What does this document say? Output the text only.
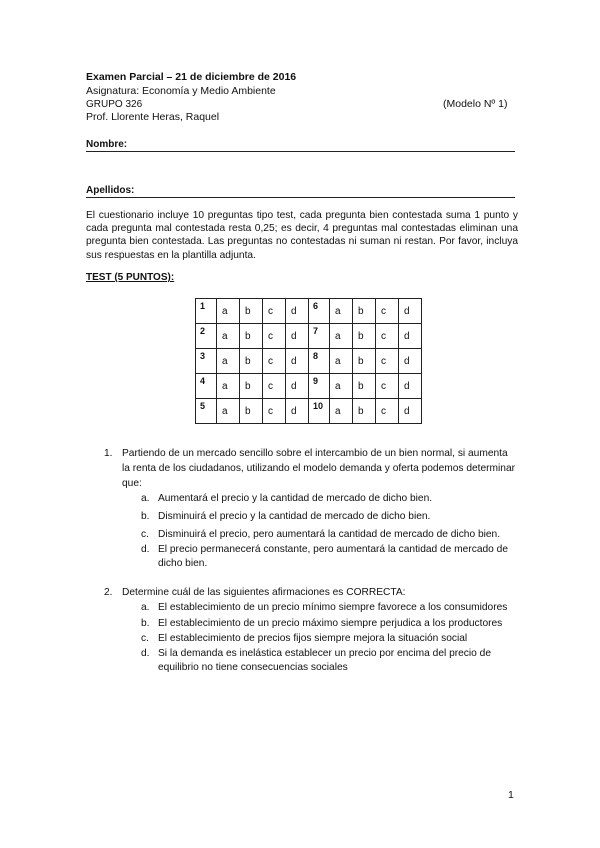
Examen Parcial – 21 de diciembre de 2016
Asignatura: Economía y Medio Ambiente
GRUPO 326	(Modelo Nº 1)
Prof. Llorente Heras, Raquel
Nombre:
Apellidos:
El cuestionario incluye 10 preguntas tipo test, cada pregunta bien contestada suma 1 punto y cada pregunta mal contestada resta 0,25; es decir, 4 preguntas mal contestadas eliminan una pregunta bien contestada. Las preguntas no contestadas ni suman ni restan. Por favor, incluya sus respuestas en la plantilla adjunta.
TEST (5 PUNTOS):
1	a	b	c	d
2	a	b	c	d
3	a	b	c	d
4	a	b	c	d
5	a	b	c	d
6	a	b	c	d
7	a	b	c	d
8	a	b	c	d
9	a	b	c	d
10	a	b	c	d
1. Partiendo de un mercado sencillo sobre el intercambio de un bien normal, si aumenta
la renta de los ciudadanos, utilizando el modelo demanda y oferta podemos determinar
que:
a. Aumentará el precio y la cantidad de mercado de dicho bien.
b. Disminuirá el precio y la cantidad de mercado de dicho bien.
c. Disminuirá el precio, pero aumentará la cantidad de mercado de dicho bien.
d. El precio permanecerá constante, pero aumentará la cantidad de mercado de
dicho bien.
2. Determine cuál de las siguientes afirmaciones es CORRECTA:
a. El establecimiento de un precio mínimo siempre favorece a los consumidores
b. El establecimiento de un precio máximo siempre perjudica a los productores
c. El establecimiento de precios fijos siempre mejora la situación social
d. Si la demanda es inelástica establecer un precio por encima del precio de
equilibrio no tiene consecuencias sociales
1
